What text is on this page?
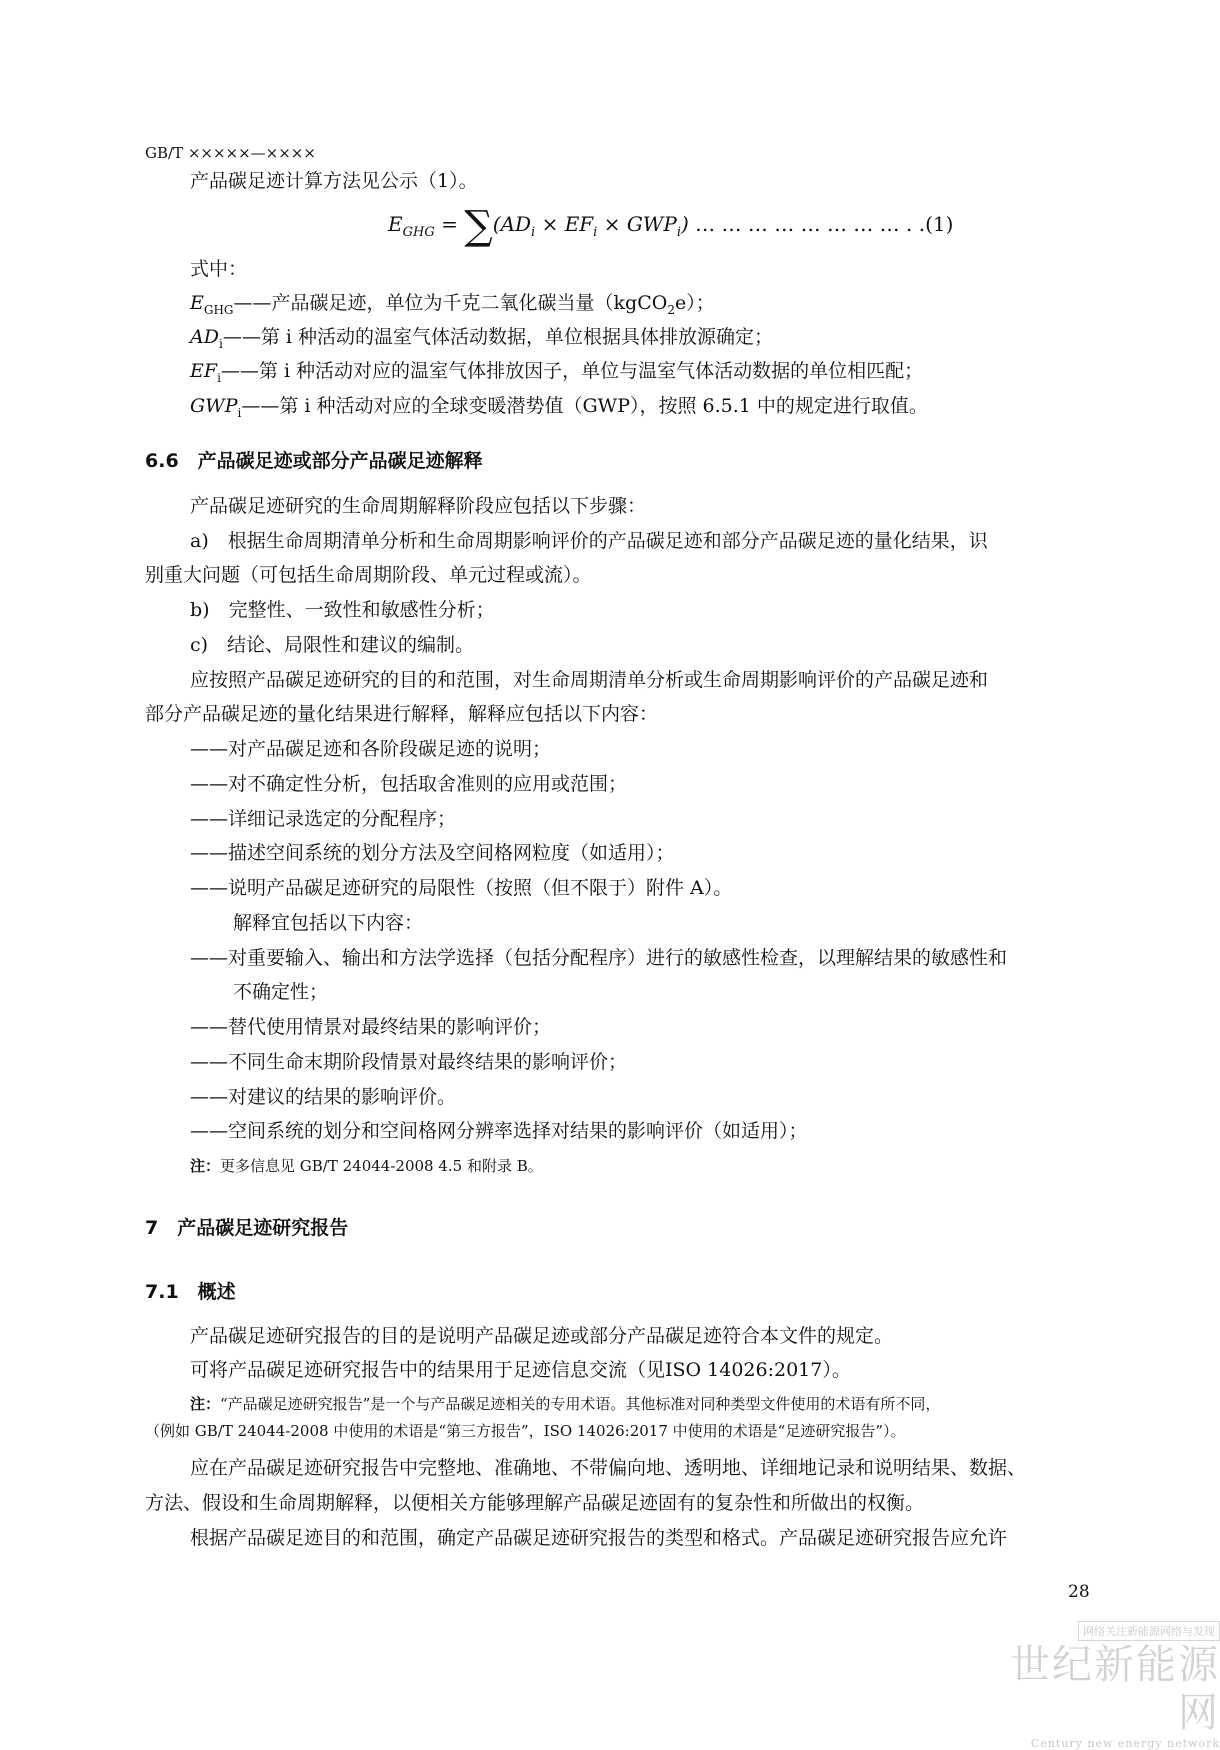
GB/T ×××××—××××
产品碳足迹计算方法见公示（1）。
$E_{GHG} = \sum(AD_i \times EF_i \times GWP_i)$ … … … … … … … … . .(1)
式中：
$E_{GHG}——$产品碳足迹，单位为千克二氧化碳当量（kgCO$_2$e）；
$AD_i——$第 i 种活动的温室气体活动数据，单位根据具体排放源确定；
$EF_i——$第 i 种活动对应的温室气体排放因子，单位与温室气体活动数据的单位相匹配；
$GWP_i——$第 i 种活动对应的全球变暖潜势值（GWP），按照 6.5.1 中的规定进行取值。
6.6　产品碳足迹或部分产品碳足迹解释
产品碳足迹研究的生命周期解释阶段应包括以下步骤：
a)　根据生命周期清单分析和生命周期影响评价的产品碳足迹和部分产品碳足迹的量化结果，识
别重大问题（可包括生命周期阶段、单元过程或流）。
b)　完整性、一致性和敏感性分析；
c)　结论、局限性和建议的编制。
应按照产品碳足迹研究的目的和范围，对生命周期清单分析或生命周期影响评价的产品碳足迹和
部分产品碳足迹的量化结果进行解释，解释应包括以下内容：
——对产品碳足迹和各阶段碳足迹的说明；
——对不确定性分析，包括取舍准则的应用或范围；
——详细记录选定的分配程序；
——描述空间系统的划分方法及空间格网粒度（如适用）；
——说明产品碳足迹研究的局限性（按照（但不限于）附件 A）。
解释宜包括以下内容：
——对重要输入、输出和方法学选择（包括分配程序）进行的敏感性检查，以理解结果的敏感性和
不确定性；
——替代使用情景对最终结果的影响评价；
——不同生命末期阶段情景对最终结果的影响评价；
——对建议的结果的影响评价。
——空间系统的划分和空间格网分辨率选择对结果的影响评价（如适用）；
注：更多信息见 GB/T 24044-2008 4.5 和附录 B。
7　产品碳足迹研究报告
7.1　概述
产品碳足迹研究报告的目的是说明产品碳足迹或部分产品碳足迹符合本文件的规定。
可将产品碳足迹研究报告中的结果用于足迹信息交流（见ISO 14026:2017）。
注：“产品碳足迹研究报告”是一个与产品碳足迹相关的专用术语。其他标准对同种类型文件使用的术语有所不同，
（例如 GB/T 24044-2008 中使用的术语是“第三方报告”，ISO 14026:2017 中使用的术语是“足迹研究报告”）。
应在产品碳足迹研究报告中完整地、准确地、不带偏向地、透明地、详细地记录和说明结果、数据、
方法、假设和生命周期解释，以便相关方能够理解产品碳足迹固有的复杂性和所做出的权衡。
根据产品碳足迹目的和范围，确定产品碳足迹研究报告的类型和格式。产品碳足迹研究报告应允许
28
网络关注新能源网络与发现
世纪新能源网
Century new energy network
